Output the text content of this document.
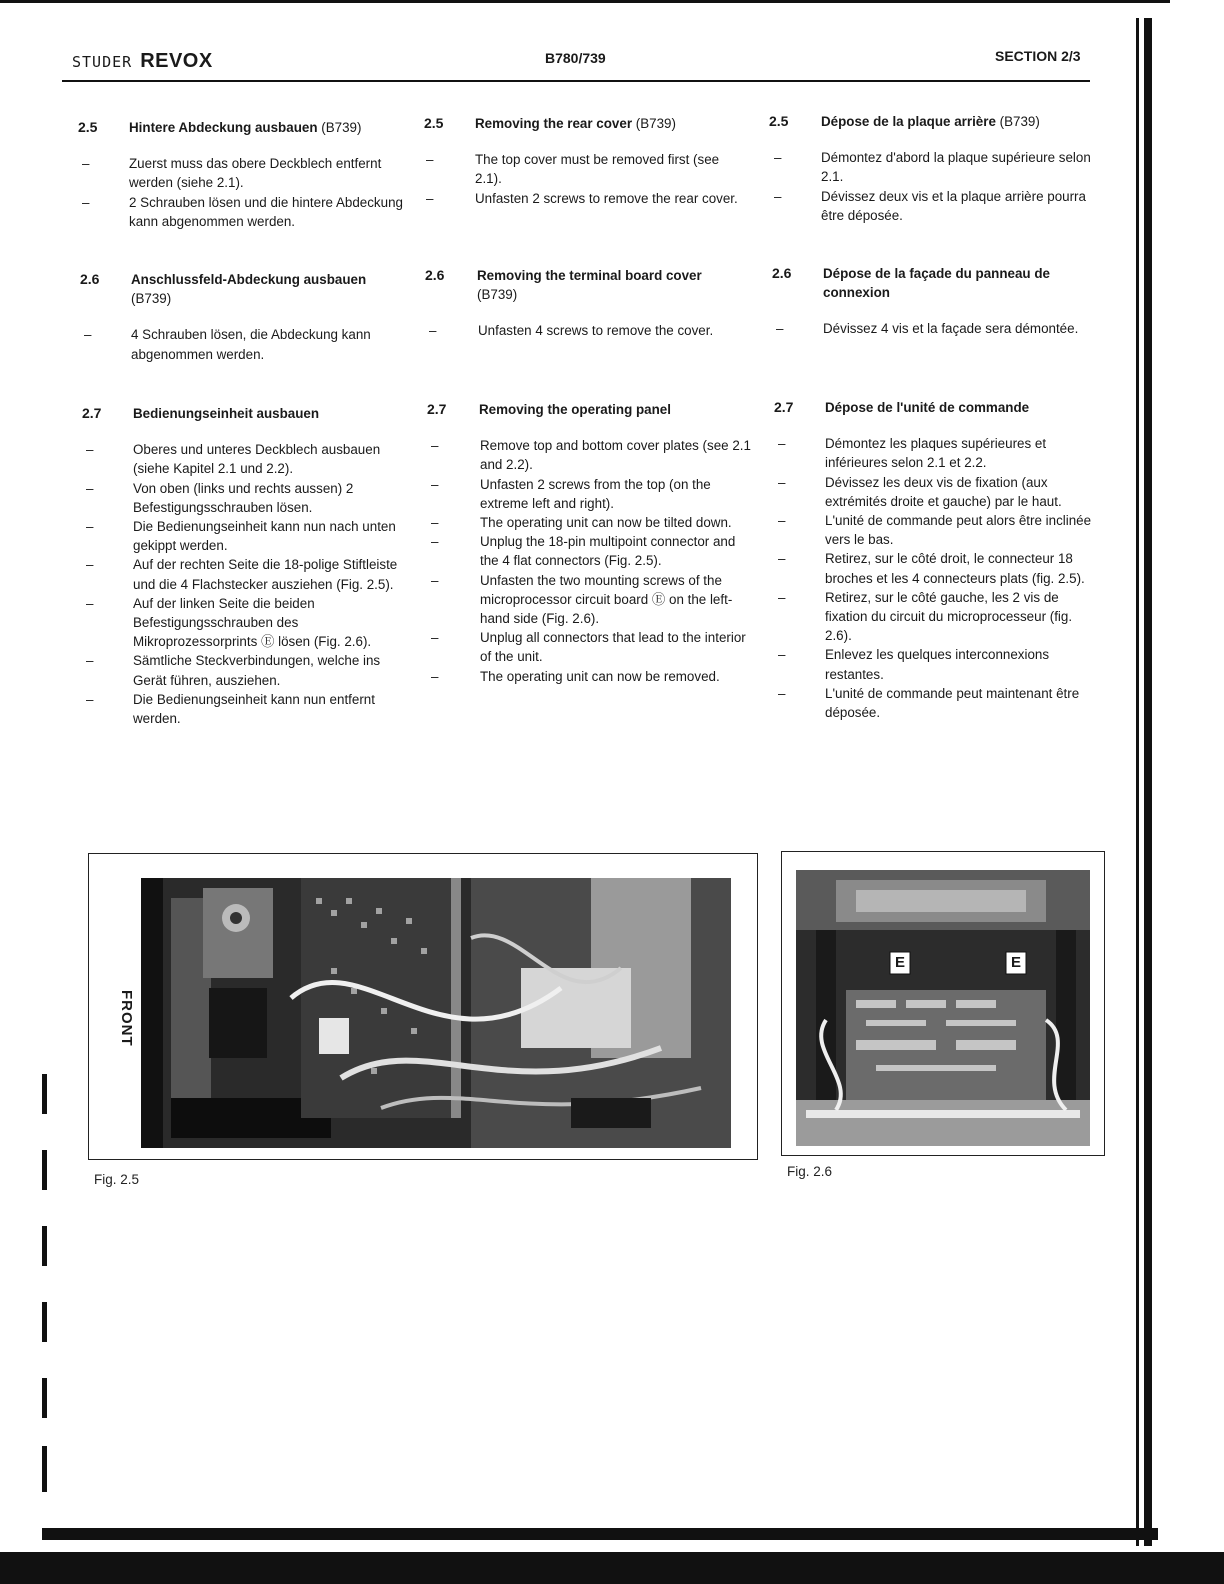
STUDER REVOX	B780/739	SECTION 2/3
2.5 Hintere Abdeckung ausbauen (B739)
–	Zuerst muss das obere Deckblech entfernt werden (siehe 2.1).
–	2 Schrauben lösen und die hintere Abdeckung kann abgenommen werden.
2.6 Anschlussfeld-Abdeckung ausbauen
(B739)
–	4 Schrauben lösen, die Abdeckung kann abgenommen werden.
2.7 Bedienungseinheit ausbauen
–	Oberes und unteres Deckblech ausbauen (siehe Kapitel 2.1 und 2.2).
–	Von oben (links und rechts aussen) 2 Befestigungsschrauben lösen.
–	Die Bedienungseinheit kann nun nach unten gekippt werden.
–	Auf der rechten Seite die 18-polige Stiftleiste und die 4 Flachstecker ausziehen (Fig. 2.5).
–	Auf der linken Seite die beiden Befestigungsschrauben des Mikroprozessorprints Ⓔ lösen (Fig. 2.6).
–	Sämtliche Steckverbindungen, welche ins Gerät führen, ausziehen.
–	Die Bedienungseinheit kann nun entfernt werden.
2.5 Removing the rear cover (B739)
–	The top cover must be removed first (see 2.1).
–	Unfasten 2 screws to remove the rear cover.
2.6 Removing the terminal board cover
(B739)
–	Unfasten 4 screws to remove the cover.
2.7 Removing the operating panel
–	Remove top and bottom cover plates (see 2.1 and 2.2).
–	Unfasten 2 screws from the top (on the extreme left and right).
–	The operating unit can now be tilted down.
–	Unplug the 18-pin multipoint connector and the 4 flat connectors (Fig. 2.5).
–	Unfasten the two mounting screws of the microprocessor circuit board Ⓔ on the left-hand side (Fig. 2.6).
–	Unplug all connectors that lead to the interior of the unit.
–	The operating unit can now be removed.
2.5 Dépose de la plaque arrière (B739)
–	Démontez d'abord la plaque supérieure selon 2.1.
–	Dévissez deux vis et la plaque arrière pourra être déposée.
2.6 Dépose de la façade du panneau de connexion
–	Dévissez 4 vis et la façade sera démontée.
2.7 Dépose de l'unité de commande
–	Démontez les plaques supérieures et inférieures selon 2.1 et 2.2.
–	Dévissez les deux vis de fixation (aux extrémités droite et gauche) par le haut.
–	L'unité de commande peut alors être inclinée vers le bas.
–	Retirez, sur le côté droit, le connecteur 18 broches et les 4 connecteurs plats (fig. 2.5).
–	Retirez, sur le côté gauche, les 2 vis de fixation du circuit du microprocesseur (fig. 2.6).
–	Enlevez les quelques interconnexions restantes.
–	L'unité de commande peut maintenant être déposée.
FRONT
Fig. 2.5
E	E
Fig. 2.6
